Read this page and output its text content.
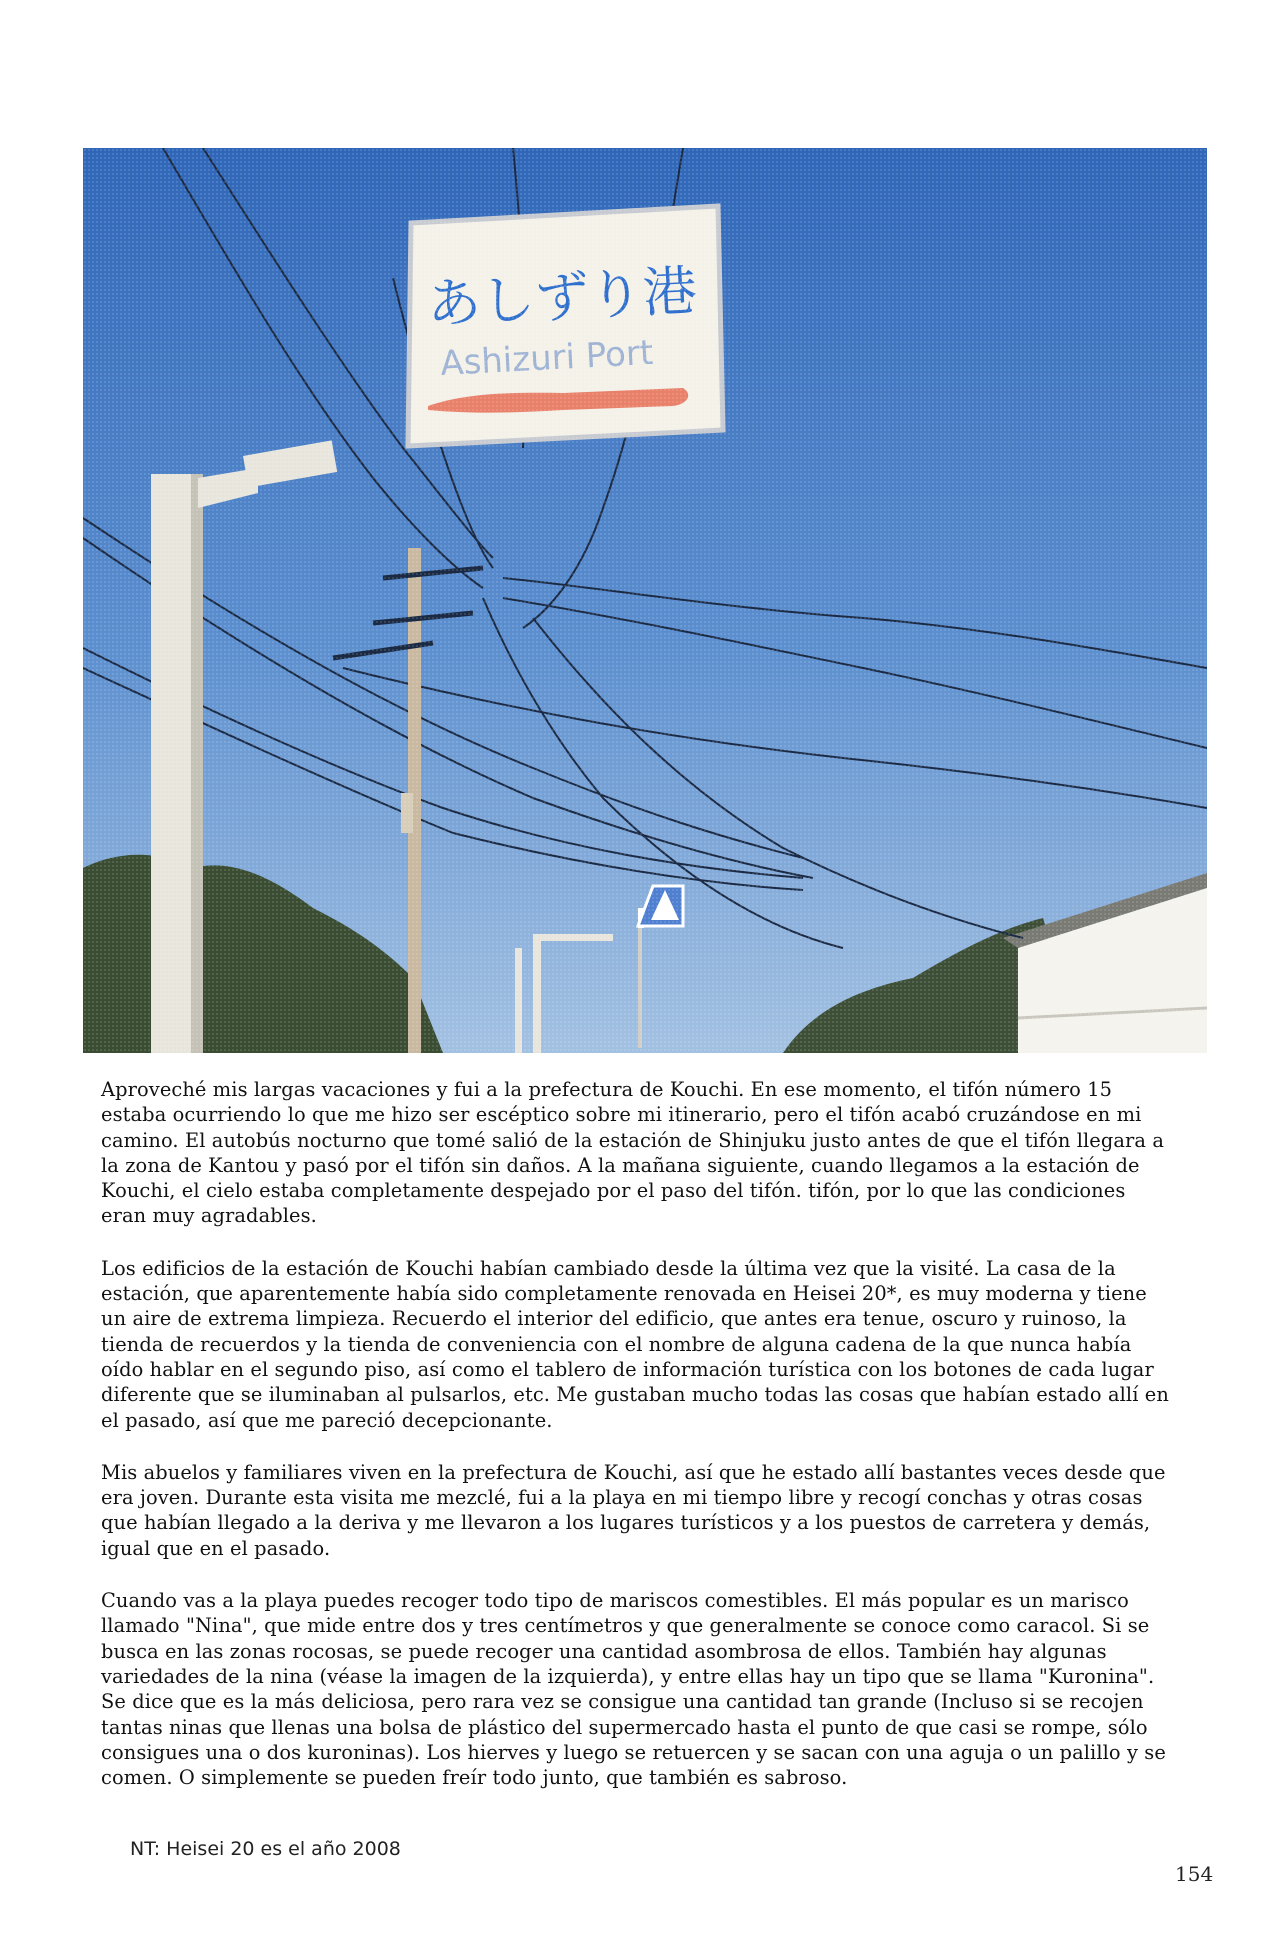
Aproveché mis largas vacaciones y fui a la prefectura de Kouchi. En ese momento, el tifón número 15 estaba ocurriendo lo que me hizo ser escéptico sobre mi itinerario, pero el tifón acabó cruzándose en mi camino. El autobús nocturno que tomé salió de la estación de Shinjuku justo antes de que el tifón llegara a la zona de Kantou y pasó por el tifón sin daños. A la mañana siguiente, cuando llegamos a la estación de Kouchi, el cielo estaba completamente despejado por el paso del tifón. tifón, por lo que las condiciones eran muy agradables.

Los edificios de la estación de Kouchi habían cambiado desde la última vez que la visité. La casa de la estación, que aparentemente había sido completamente renovada en Heisei 20*, es muy moderna y tiene un aire de extrema limpieza. Recuerdo el interior del edificio, que antes era tenue, oscuro y ruinoso, la tienda de recuerdos y la tienda de conveniencia con el nombre de alguna cadena de la que nunca había oído hablar en el segundo piso, así como el tablero de información turística con los botones de cada lugar diferente que se iluminaban al pulsarlos, etc. Me gustaban mucho todas las cosas que habían estado allí en el pasado, así que me pareció decepcionante.

Mis abuelos y familiares viven en la prefectura de Kouchi, así que he estado allí bastantes veces desde que era joven. Durante esta visita me mezclé, fui a la playa en mi tiempo libre y recogí conchas y otras cosas que habían llegado a la deriva y me llevaron a los lugares turísticos y a los puestos de carretera y demás, igual que en el pasado.

Cuando vas a la playa puedes recoger todo tipo de mariscos comestibles. El más popular es un marisco llamado "Nina", que mide entre dos y tres centímetros y que generalmente se conoce como caracol. Si se busca en las zonas rocosas, se puede recoger una cantidad asombrosa de ellos. También hay algunas variedades de la nina (véase la imagen de la izquierda), y entre ellas hay un tipo que se llama "Kuronina". Se dice que es la más deliciosa, pero rara vez se consigue una cantidad tan grande (Incluso si se recojen tantas ninas que llenas una bolsa de plástico del supermercado hasta el punto de que casi se rompe, sólo consigues una o dos kuroninas). Los hierves y luego se retuercen y se sacan con una aguja o un palillo y se comen. O simplemente se pueden freír todo junto, que también es sabroso.

NT: Heisei 20 es el año 2008

154
